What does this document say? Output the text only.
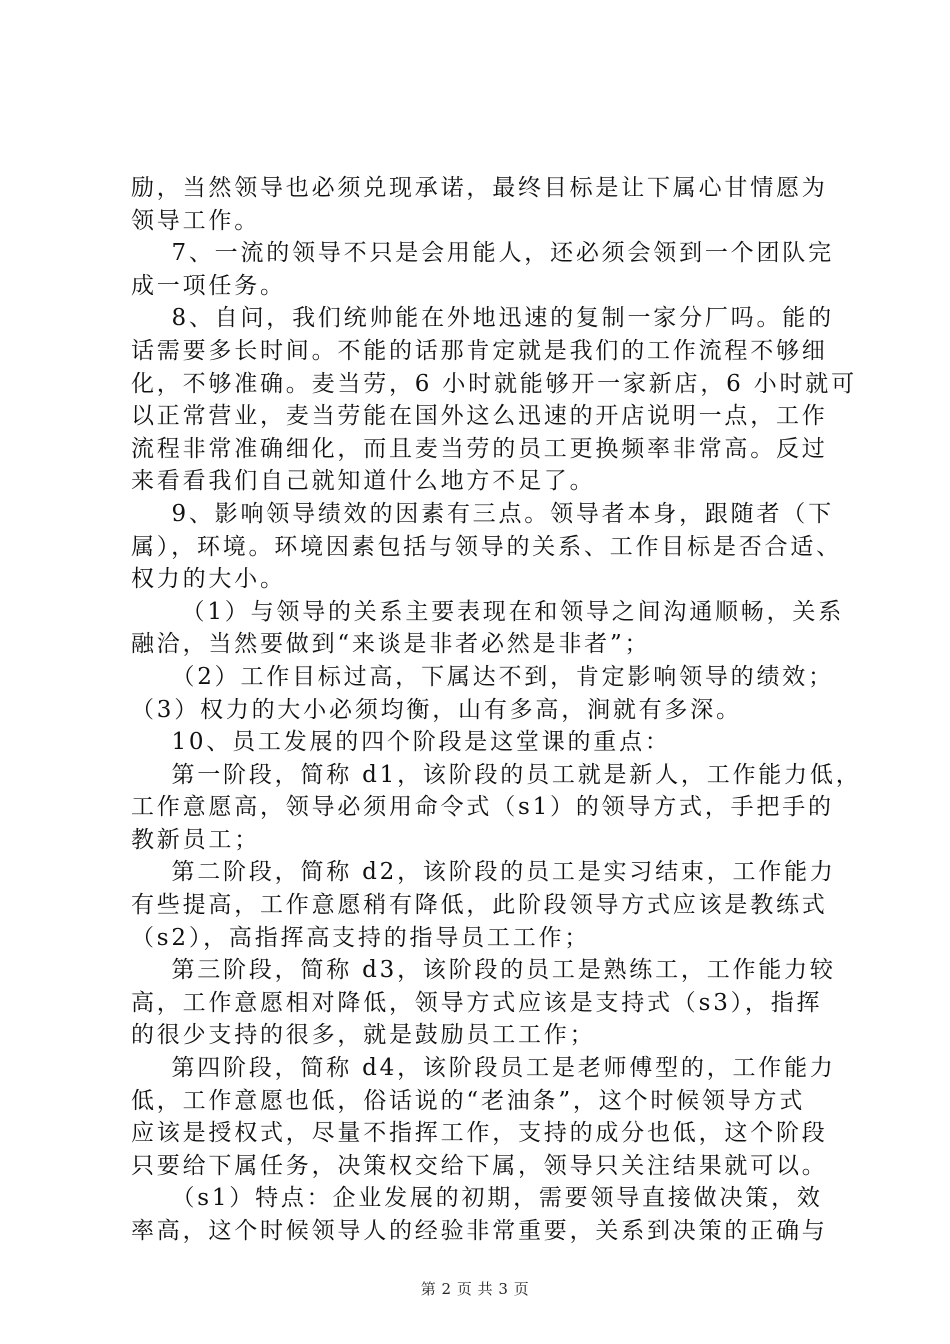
励，当然领导也必须兑现承诺，最终目标是让下属心甘情愿为
领导工作。
7、一流的领导不只是会用能人，还必须会领到一个团队完
成一项任务。
8、自问，我们统帅能在外地迅速的复制一家分厂吗。能的
话需要多长时间。不能的话那肯定就是我们的工作流程不够细
化，不够准确。麦当劳，6 小时就能够开一家新店，6 小时就可
以正常营业，麦当劳能在国外这么迅速的开店说明一点，工作
流程非常准确细化，而且麦当劳的员工更换频率非常高。反过
来看看我们自己就知道什么地方不足了。
9、影响领导绩效的因素有三点。领导者本身，跟随者（下
属），环境。环境因素包括与领导的关系、工作目标是否合适、
权力的大小。
（1）与领导的关系主要表现在和领导之间沟通顺畅，关系
融洽，当然要做到“来谈是非者必然是非者”；
（2）工作目标过高，下属达不到，肯定影响领导的绩效；
（3）权力的大小必须均衡，山有多高，涧就有多深。
10、员工发展的四个阶段是这堂课的重点：
第一阶段，简称 d1，该阶段的员工就是新人，工作能力低，
工作意愿高，领导必须用命令式（s1）的领导方式，手把手的
教新员工；
第二阶段，简称 d2，该阶段的员工是实习结束，工作能力
有些提高，工作意愿稍有降低，此阶段领导方式应该是教练式
（s2），高指挥高支持的指导员工工作；
第三阶段，简称 d3，该阶段的员工是熟练工，工作能力较
高，工作意愿相对降低，领导方式应该是支持式（s3），指挥
的很少支持的很多，就是鼓励员工工作；
第四阶段，简称 d4，该阶段员工是老师傅型的，工作能力
低，工作意愿也低，俗话说的“老油条”，这个时候领导方式
应该是授权式，尽量不指挥工作，支持的成分也低，这个阶段
只要给下属任务，决策权交给下属，领导只关注结果就可以。
（s1）特点：企业发展的初期，需要领导直接做决策，效
率高，这个时候领导人的经验非常重要，关系到决策的正确与
第 2 页 共 3 页
